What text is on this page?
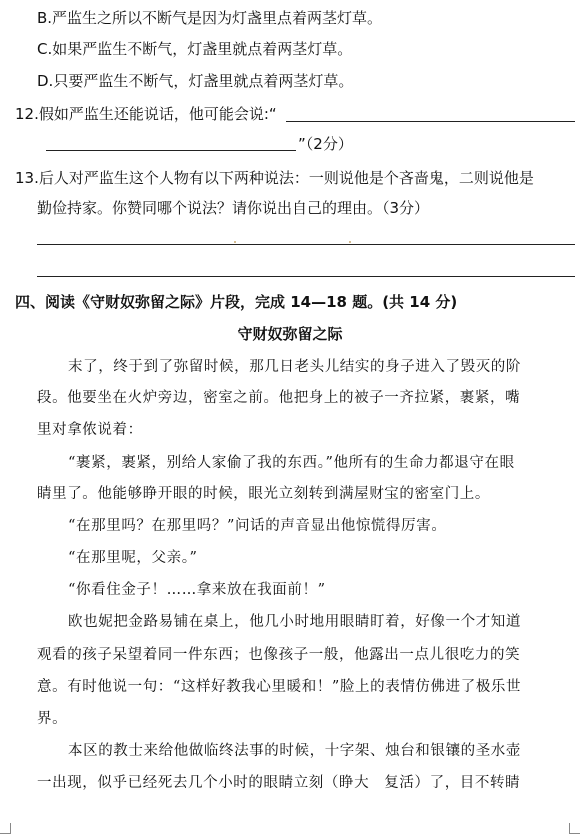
B.严监生之所以不断气是因为灯盏里点着两茎灯草。
C.如果严监生不断气，灯盏里就点着两茎灯草。
D.只要严监生不断气，灯盏里就点着两茎灯草。
12.假如严监生还能说话，他可能会说:“
”（2分）
13.后人对严监生这个人物有以下两种说法：一则说他是个吝啬鬼，二则说他是
勤俭持家。你赞同哪个说法？请你说出自己的理由。（3分）
四、阅读《守财奴弥留之际》片段，完成 14—18 题。(共 14 分)
守财奴弥留之际
末了，终于到了弥留时候，那几日老头儿结实的身子进入了毁灭的阶
段。他要坐在火炉旁边，密室之前。他把身上的被子一齐拉紧，裹紧，嘴
里对拿侬说着：
“裹紧，裹紧，别给人家偷了我的东西。”他所有的生命力都退守在眼
睛里了。他能够睁开眼的时候，眼光立刻转到满屋财宝的密室门上。
“在那里吗？在那里吗？”问话的声音显出他惊慌得厉害。
“在那里呢，父亲。”
“你看住金子！……拿来放在我面前！”
欧也妮把金路易铺在桌上，他几小时地用眼睛盯着，好像一个才知道
观看的孩子呆望着同一件东西；也像孩子一般，他露出一点儿很吃力的笑
意。有时他说一句：“这样好教我心里暖和！”脸上的表情仿佛进了极乐世
界。
本区的教士来给他做临终法事的时候，十字架、烛台和银镶的圣水壶
一出现，似乎已经死去几个小时的眼睛立刻（睁大　复活）了，目不转睛
